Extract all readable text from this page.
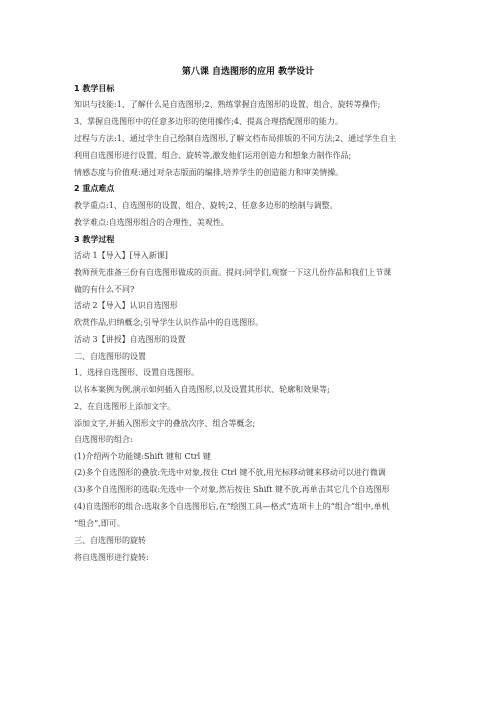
第八课 自选图形的应用 教学设计
1 教学目标
知识与技能:1、了解什么是自选图形;2、熟练掌握自选图形的设置、组合、旋转等操作;
3、掌握自选图形中的任意多边形的使用操作;4、提高合理搭配图形的能力。
过程与方法:1、通过学生自己绘制自选图形,了解文档布局排版的不同方法;2、通过学生自主
利用自选图形进行设置、组合、旋转等,激发他们运用创造力和想象力制作作品;
情感态度与价值观:通过对杂志版面的编排,培养学生的创造能力和审美情操。
2 重点难点
教学重点:1、自选图形的设置、组合、旋转;2、任意多边形的绘制与调整。
教学难点:自选图形组合的合理性、美观性。
3 教学过程
活动 1【导入】[导入新课]
教师预先准备三份有自选图形做成的页面。提问:同学们,观察一下这几份作品和我们上节课
做的有什么不同?
活动 2【导入】认识自选图形
欣赏作品,归纳概念;引导学生认识作品中的自选图形。
活动 3【讲授】自选图形的设置
二、自选图形的设置
1、选择自选图形、设置自选图形。
以书本案例为例,演示如何插入自选图形,以及设置其形状、轮廓和效果等;
2、在自选图形上添加文字。
添加文字,并插入图形文字的叠放次序、组合等概念;
自选图形的组合:
(1)介绍两个功能键:Shift 键和 Ctrl 键
(2)多个自选图形的叠放:先选中对象,按住 Ctrl 键不放,用光标移动键来移动可以进行微调
(3)多个自选图形的选取:先选中一个对象,然后按住 Shift 键不放,再单击其它几个自选图形
(4)自选图形的组合:选取多个自选图形后,在“绘图工具—格式”选项卡上的“组合”组中,单机
“组合”,即可。
三、自选图形的旋转
将自选图形进行旋转:
